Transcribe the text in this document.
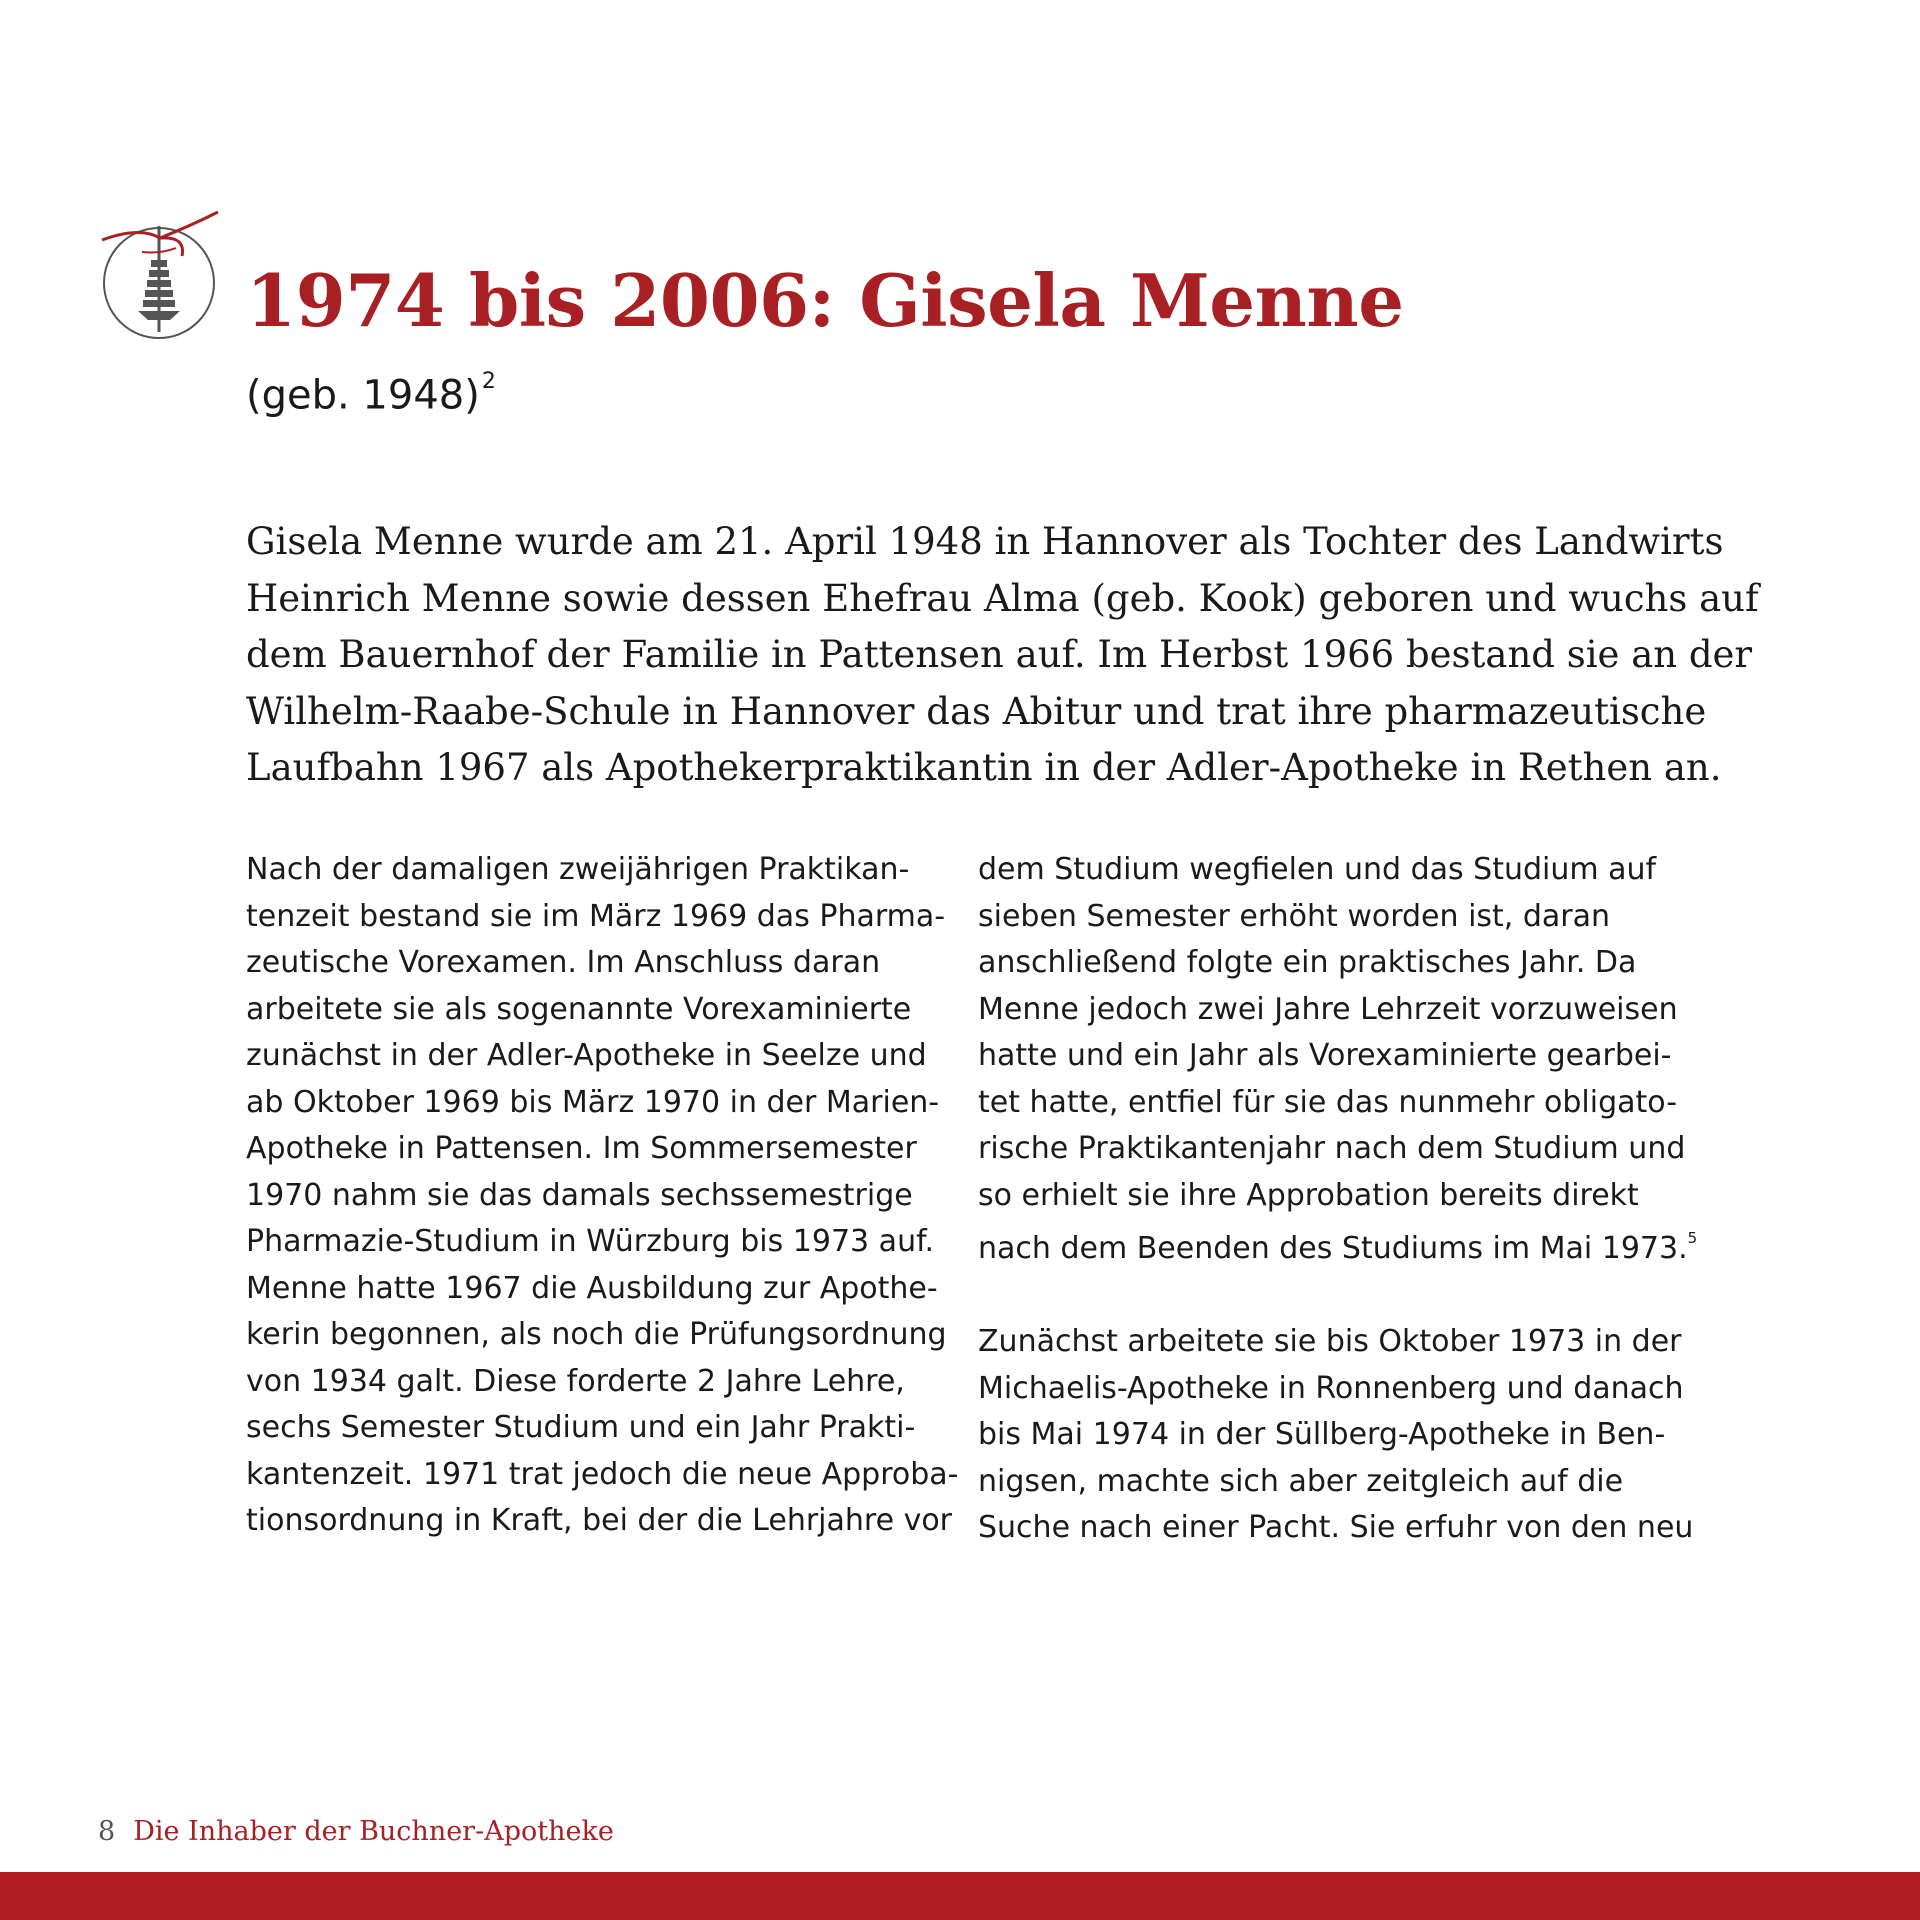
1974 bis 2006: Gisela Menne

(geb. 1948)$^2$

Gisela Menne wurde am 21. April 1948 in Hannover als Tochter des Landwirts
Heinrich Menne sowie dessen Ehefrau Alma (geb. Kook) geboren und wuchs auf
dem Bauernhof der Familie in Pattensen auf. Im Herbst 1966 bestand sie an der
Wilhelm-Raabe-Schule in Hannover das Abitur und trat ihre pharmazeutische
Laufbahn 1967 als Apothekerpraktikantin in der Adler-Apotheke in Rethen an.
Nach der damaligen zweijährigen Praktikan-
tenzeit bestand sie im März 1969 das Pharma-
zeutische Vorexamen. Im Anschluss daran
arbeitete sie als sogenannte Vorexaminierte
zunächst in der Adler-Apotheke in Seelze und
ab Oktober 1969 bis März 1970 in der Marien-
Apotheke in Pattensen. Im Sommersemester
1970 nahm sie das damals sechssemestrige
Pharmazie-Studium in Würzburg bis 1973 auf.
Menne hatte 1967 die Ausbildung zur Apothe-
kerin begonnen, als noch die Prüfungsordnung
von 1934 galt. Diese forderte 2 Jahre Lehre,
sechs Semester Studium und ein Jahr Prakti-
kantenzeit. 1971 trat jedoch die neue Approba-
tionsordnung in Kraft, bei der die Lehrjahre vor
dem Studium wegfielen und das Studium auf
sieben Semester erhöht worden ist, daran
anschließend folgte ein praktisches Jahr. Da
Menne jedoch zwei Jahre Lehrzeit vorzuweisen
hatte und ein Jahr als Vorexaminierte gearbei-
tet hatte, entfiel für sie das nunmehr obligato-
rische Praktikantenjahr nach dem Studium und
so erhielt sie ihre Approbation bereits direkt
nach dem Beenden des Studiums im Mai 1973.$^5$
Zunächst arbeitete sie bis Oktober 1973 in der
Michaelis-Apotheke in Ronnenberg und danach
bis Mai 1974 in der Süllberg-Apotheke in Ben-
nigsen, machte sich aber zeitgleich auf die
Suche nach einer Pacht. Sie erfuhr von den neu
8 Die Inhaber der Buchner-Apotheke
